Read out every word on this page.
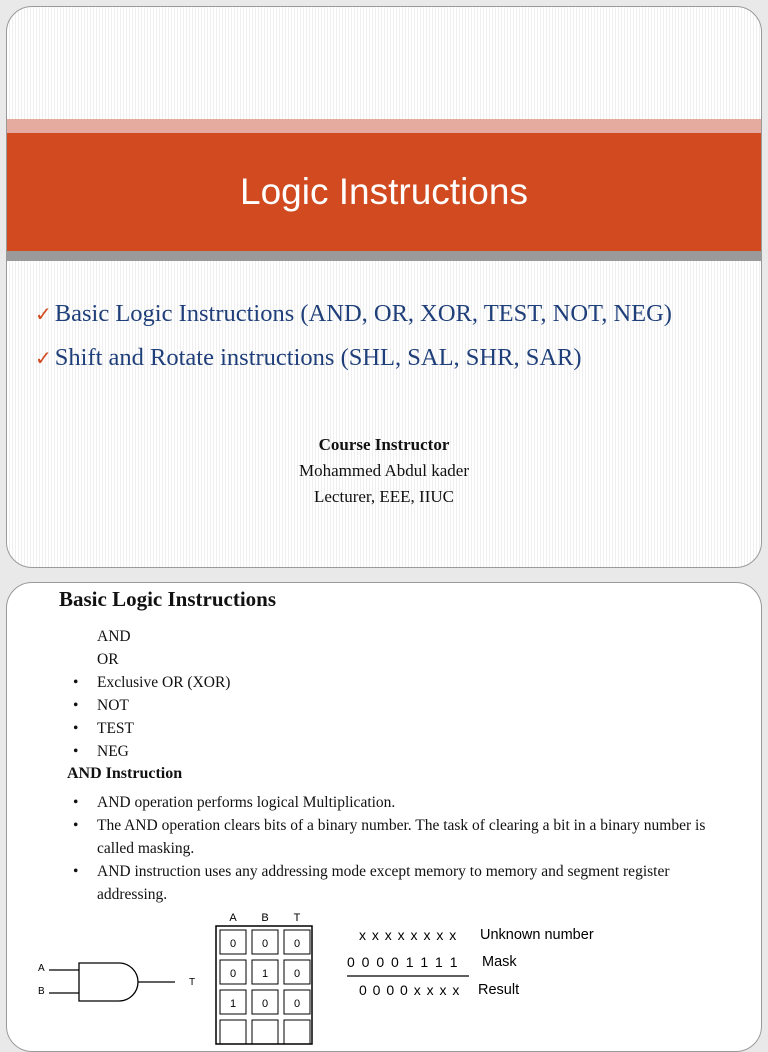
Logic Instructions
✓ Basic Logic Instructions (AND, OR, XOR, TEST, NOT, NEG)
✓ Shift and Rotate instructions (SHL, SAL, SHR, SAR)
Course Instructor
Mohammed Abdul kader
Lecturer, EEE, IIUC
Basic Logic Instructions
AND
OR
• Exclusive OR (XOR)
• NOT
• TEST
• NEG
AND Instruction
• AND operation performs logical Multiplication.
• The AND operation clears bits of a binary number. The task of clearing a bit in a binary number is called masking.
• AND instruction uses any addressing mode except memory to memory and segment register addressing.
A
B
T
A B T
0 0 0
0 1 0
1 0 0
x x x x x x x x Unknown number
0 0 0 0 1 1 1 1 Mask
0 0 0 0 x x x x Result
